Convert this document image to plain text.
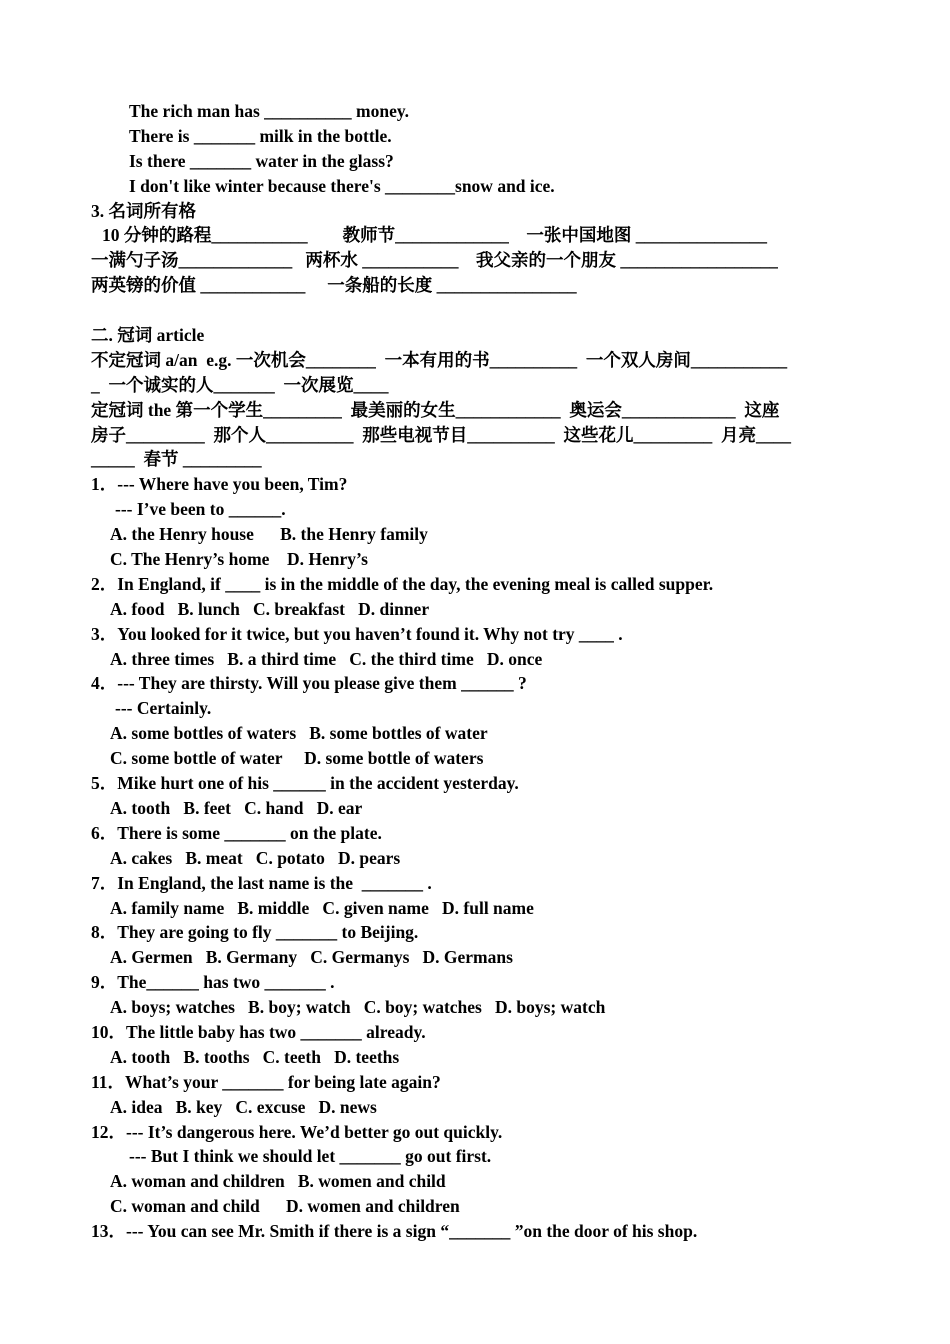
The rich man has __________ money.
There is _______ milk in the bottle.
Is there _______ water in the glass?
I don't like winter because there's ________snow and ice.
3. 名词所有格
10 分钟的路程___________        教师节_____________    一张中国地图 _______________
一满勺子汤_____________   两杯水 ___________    我父亲的一个朋友 __________________
两英镑的价值 ____________     一条船的长度 ________________
二. 冠词 article
不定冠词 a/an  e.g. 一次机会________  一本有用的书__________  一个双人房间___________
_  一个诚实的人_______  一次展览____
定冠词 the 第一个学生_________  最美丽的女生____________  奥运会_____________  这座
房子_________  那个人__________  那些电视节目__________  这些花儿_________  月亮____
_____  春节 _________
1．--- Where have you been, Tim?
--- I’ve been to ______.
A. the Henry house      B. the Henry family
C. The Henry’s home    D. Henry’s
2．In England, if ____ is in the middle of the day, the evening meal is called supper.
A. food   B. lunch   C. breakfast   D. dinner
3．You looked for it twice, but you haven’t found it. Why not try ____ .
A. three times   B. a third time   C. the third time   D. once
4．--- They are thirsty. Will you please give them ______ ?
--- Certainly.
A. some bottles of waters   B. some bottles of water
C. some bottle of water     D. some bottle of waters
5．Mike hurt one of his ______ in the accident yesterday.
A. tooth   B. feet   C. hand   D. ear
6．There is some _______ on the plate.
A. cakes   B. meat   C. potato   D. pears
7．In England, the last name is the  _______ .
A. family name   B. middle   C. given name   D. full name
8．They are going to fly _______ to Beijing.
A. Germen   B. Germany   C. Germanys   D. Germans
9．The______ has two _______ .
A. boys; watches   B. boy; watch   C. boy; watches   D. boys; watch
10．The little baby has two _______ already.
A. tooth   B. tooths   C. teeth   D. teeths
11．What’s your _______ for being late again?
A. idea   B. key   C. excuse   D. news
12．--- It’s dangerous here. We’d better go out quickly.
--- But I think we should let _______ go out first.
A. woman and children   B. women and child
C. woman and child      D. women and children
13．--- You can see Mr. Smith if there is a sign “_______ ”on the door of his shop.
